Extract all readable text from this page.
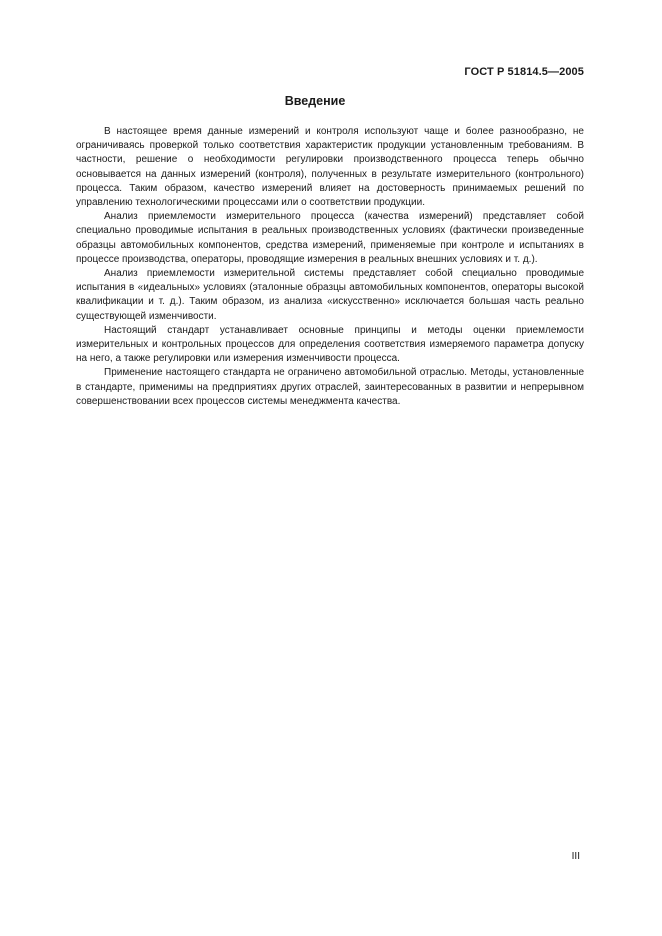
ГОСТ Р 51814.5—2005
Введение

В настоящее время данные измерений и контроля используют чаще и более разнообразно, не ограничиваясь проверкой только соответствия характеристик продукции установленным требованиям. В частности, решение о необходимости регулировки производственного процесса теперь обычно основывается на данных измерений (контроля), полученных в результате измерительного (контрольного) процесса. Таким образом, качество измерений влияет на достоверность принимаемых решений по управлению технологическими процессами или о соответствии продукции.

Анализ приемлемости измерительного процесса (качества измерений) представляет собой специально проводимые испытания в реальных производственных условиях (фактически произведенные образцы автомобильных компонентов, средства измерений, применяемые при контроле и испытаниях в процессе производства, операторы, проводящие измерения в реальных внешних условиях и т. д.).

Анализ приемлемости измерительной системы представляет собой специально проводимые испытания в «идеальных» условиях (эталонные образцы автомобильных компонентов, операторы высокой квалификации и т. д.). Таким образом, из анализа «искусственно» исключается большая часть реально существующей изменчивости.

Настоящий стандарт устанавливает основные принципы и методы оценки приемлемости измерительных и контрольных процессов для определения соответствия измеряемого параметра допуску на него, а также регулировки или измерения изменчивости процесса.

Применение настоящего стандарта не ограничено автомобильной отраслью. Методы, установленные в стандарте, применимы на предприятиях других отраслей, заинтересованных в развитии и непрерывном совершенствовании всех процессов системы менеджмента качества.

III
